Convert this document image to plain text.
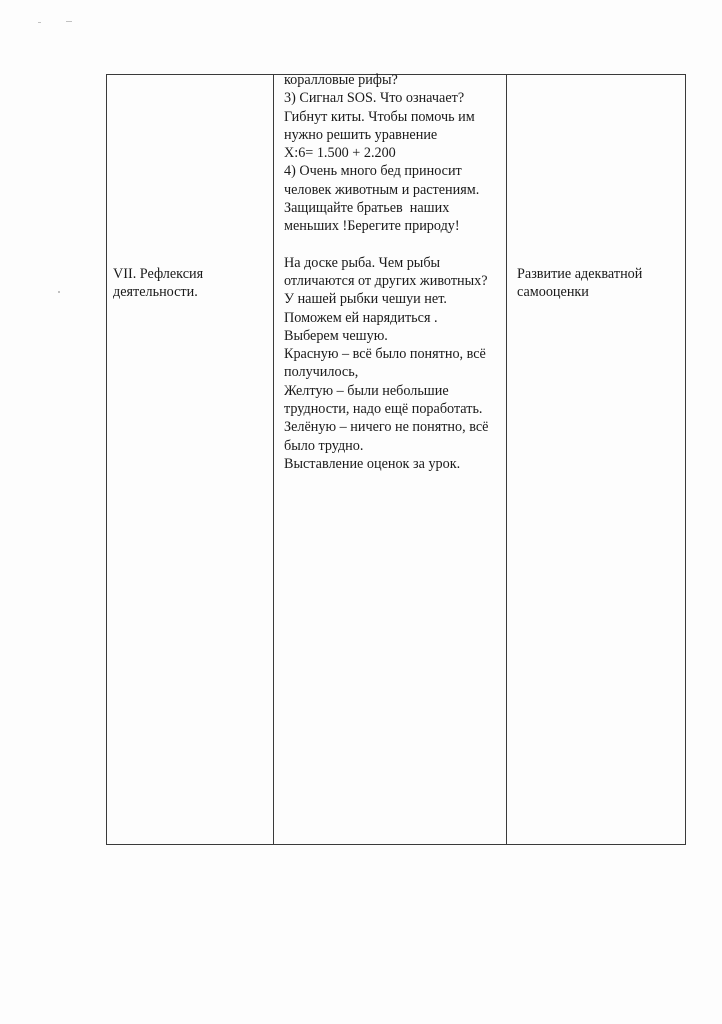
VII. Рефлексия
деятельности.
коралловые рифы?
3) Сигнал SOS. Что означает?
Гибнут киты. Чтобы помочь им
нужно решить уравнение
X:6= 1.500 + 2.200
4) Очень много бед приносит
человек животным и растениям.
Защищайте братьев  наших
меньших !Берегите природу!
На доске рыба. Чем рыбы
отличаются от других животных?
У нашей рыбки чешуи нет.
Поможем ей нарядиться .
Выберем чешую.
Красную – всё было понятно, всё
получилось,
Желтую – были небольшие
трудности, надо ещё поработать.
Зелёную – ничего не понятно, всё
было трудно.
Выставление оценок за урок.
Развитие адекватной
самооценки
